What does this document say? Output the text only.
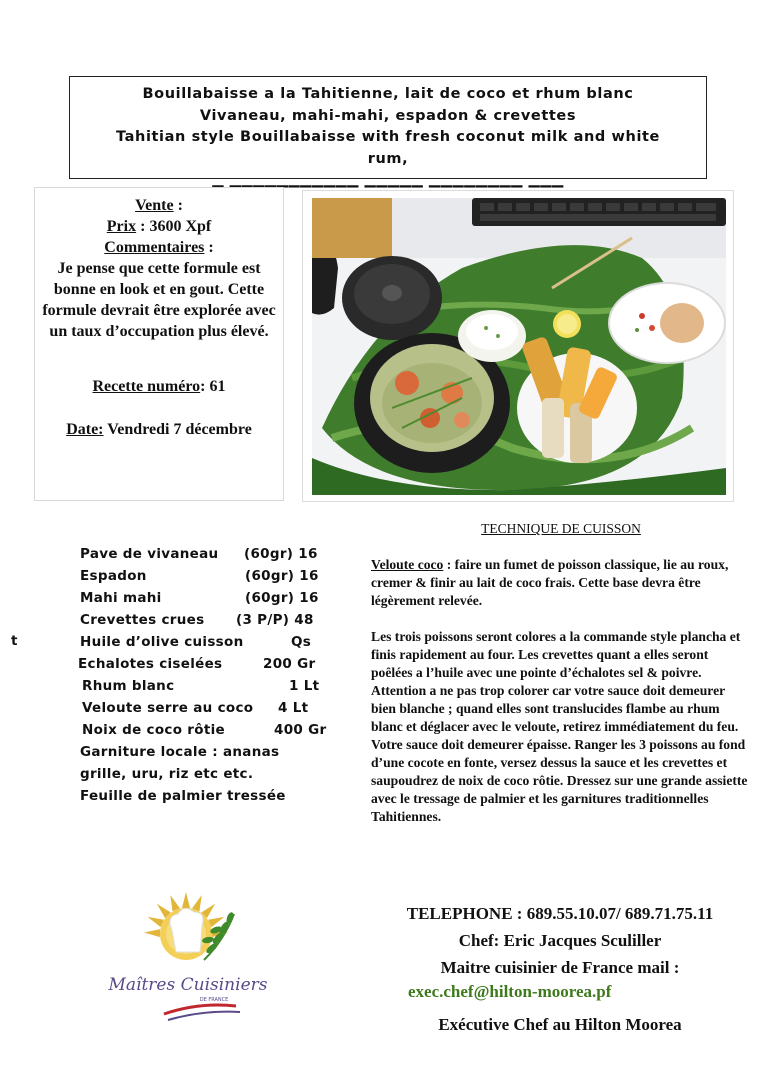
Bouillabaisse a la Tahitienne, lait de coco et rhum blanc
Vivaneau, mahi-mahi, espadon & crevettes
Tahitian style Bouillabaisse with fresh coconut milk and white
rum,
▁ ▁▁▁▁▁▁▁▁▁▁▁ ▁▁▁▁▁ ▁▁▁▁▁▁▁▁ ▁▁▁
Vente :
Prix : 3600 Xpf
Commentaires :
Je pense que cette formule est bonne en look et en gout. Cette formule devrait être explorée avec un taux d’occupation plus élevé.
Recette numéro: 61
Date: Vendredi 7 décembre
t
Pave de vivaneau (60gr) 16
Espadon	(60gr) 16
Mahi mahi	(60gr) 16
Crevettes crues (3 P/P) 48
Huile d’olive cuisson	Qs
Echalotes ciselées	200 Gr
Rhum blanc	1 Lt
Veloute serre au coco 4 Lt
Noix de coco rôtie	400 Gr
Garniture locale : ananas
grille, uru, riz etc etc.
Feuille de palmier tressée
TECHNIQUE DE CUISSON

Veloute coco : faire un fumet de poisson classique, lie au roux, cremer & finir au lait de coco frais. Cette base devra être légèrement relevée.

Les trois poissons seront colores a la commande style plancha et finis rapidement au four. Les crevettes quant a elles seront poêlées a l’huile avec une pointe d’échalotes sel & poivre. Attention a ne pas trop colorer car votre sauce doit demeurer bien blanche ; quand elles sont translucides flambe au rhum blanc et déglacer avec le veloute, retirez immédiatement du feu. Votre sauce doit demeurer épaisse. Ranger les 3 poissons au fond d’une cocote en fonte, versez dessus la sauce et les crevettes et saupoudrez de noix de coco rôtie. Dressez sur une grande assiette avec le tressage de palmier et les garnitures traditionnelles Tahitiennes.

Maîtres Cuisiniers
DE FRANCE
TELEPHONE : 689.55.10.07/ 689.71.75.11
Chef: Eric Jacques Sculiller
Maitre cuisinier de France mail :
exec.chef@hilton-moorea.pf
Exécutive Chef au Hilton Moorea
